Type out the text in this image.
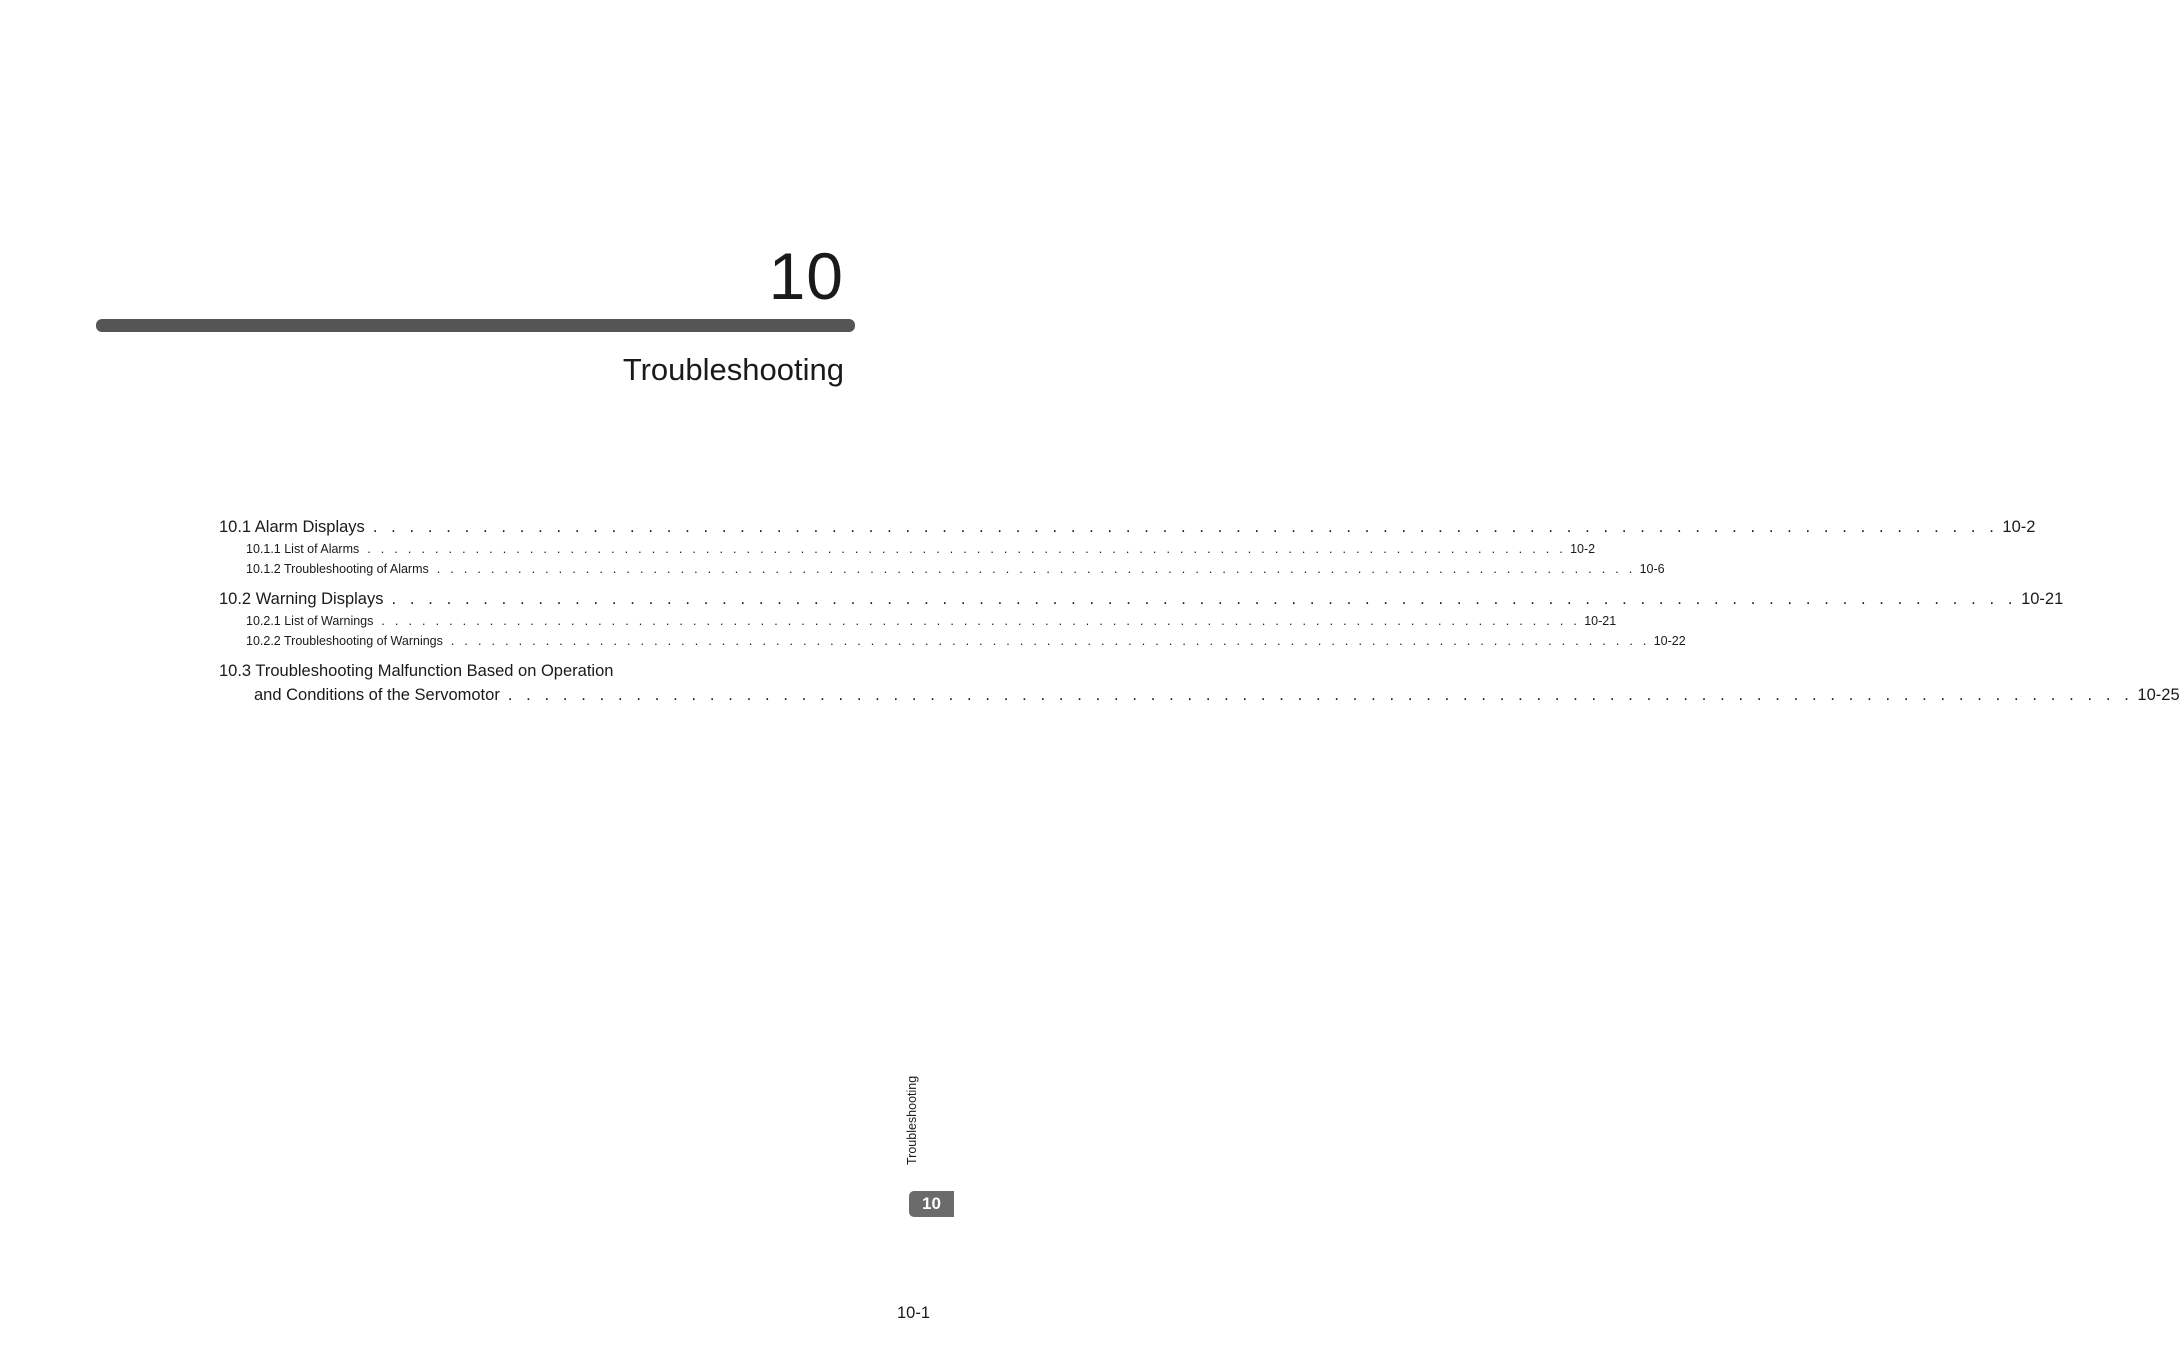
10
Troubleshooting
10.1 Alarm Displays . . . . . . . . . . . . . . . . . . . . . . . . . . . . . . . . . . . . . . . . . . . . . . . . . . . . . . . . . . . . . . . . . . . . . . . . . . . . . . . . . . . . . . . . . 10-2
10.1.1 List of Alarms . . . . . . . . . . . . . . . . . . . . . . . . . . . . . . . . . . . . . . . . . . . . . . . . . . . . . . . . . . . . . . . . . . . . . . . . . . . . . . . . . . . . . . . . . 10-2
10.1.2 Troubleshooting of Alarms . . . . . . . . . . . . . . . . . . . . . . . . . . . . . . . . . . . . . . . . . . . . . . . . . . . . . . . . . . . . . . . . . . . . . . . . . . . . . . . . . . . . . . . . . 10-6
10.2 Warning Displays . . . . . . . . . . . . . . . . . . . . . . . . . . . . . . . . . . . . . . . . . . . . . . . . . . . . . . . . . . . . . . . . . . . . . . . . . . . . . . . . . . . . . . . . . 10-21
10.2.1 List of Warnings . . . . . . . . . . . . . . . . . . . . . . . . . . . . . . . . . . . . . . . . . . . . . . . . . . . . . . . . . . . . . . . . . . . . . . . . . . . . . . . . . . . . . . . . . 10-21
10.2.2 Troubleshooting of Warnings . . . . . . . . . . . . . . . . . . . . . . . . . . . . . . . . . . . . . . . . . . . . . . . . . . . . . . . . . . . . . . . . . . . . . . . . . . . . . . . . . . . . . . . . . 10-22
10.3 Troubleshooting Malfunction Based on Operation
and Conditions of the Servomotor . . . . . . . . . . . . . . . . . . . . . . . . . . . . . . . . . . . . . . . . . . . . . . . . . . . . . . . . . . . . . . . . . . . . . . . . . . . . . . . . . . . . . . . . . 10-25
Troubleshooting
10
10-1
